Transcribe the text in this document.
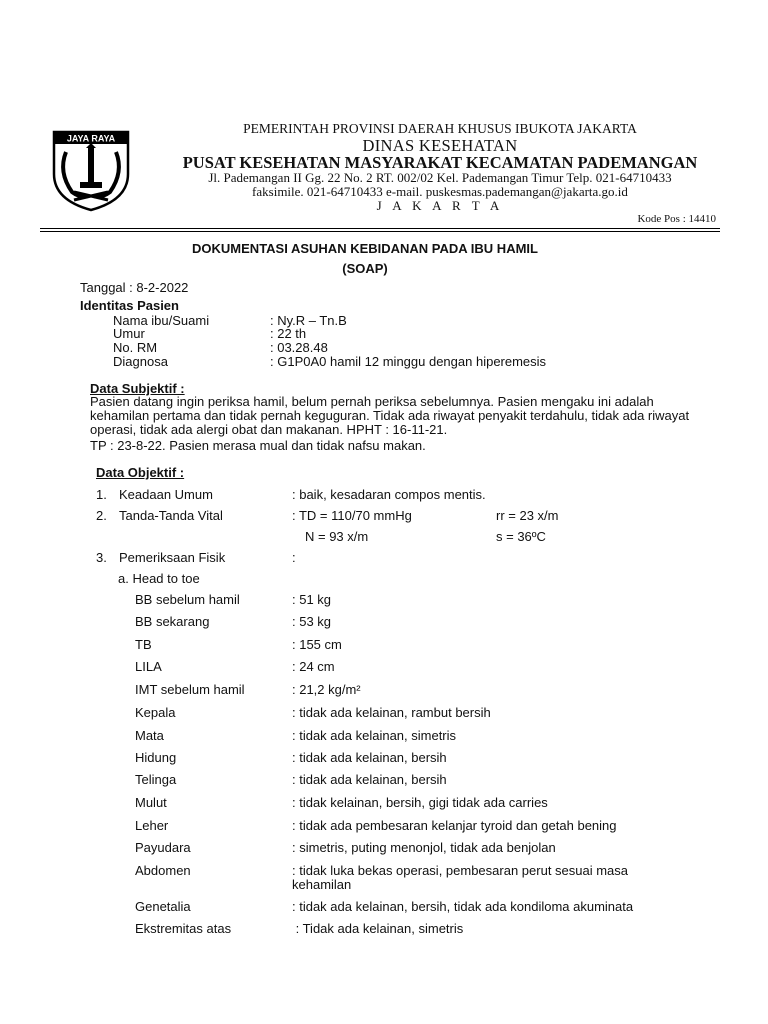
JAYA RAYA
PEMERINTAH PROVINSI DAERAH KHUSUS IBUKOTA JAKARTA
DINAS KESEHATAN
PUSAT KESEHATAN MASYARAKAT KECAMATAN PADEMANGAN
Jl. Pademangan II Gg. 22 No. 2 RT. 002/02 Kel. Pademangan Timur Telp. 021-64710433
faksimile. 021-64710433 e-mail. puskesmas.pademangan@jakarta.go.id
J A K A R T A
Kode Pos : 14410
DOKUMENTASI ASUHAN KEBIDANAN PADA IBU HAMIL
(SOAP)
Tanggal : 8-2-2022
Identitas Pasien
Nama ibu/Suami	: Ny.R – Tn.B
Umur	: 22 th
No. RM	: 03.28.48
Diagnosa	: G1P0A0 hamil 12 minggu dengan hiperemesis
Data Subjektif :
Pasien datang ingin periksa hamil, belum pernah periksa sebelumnya. Pasien mengaku ini adalah kehamilan pertama dan tidak pernah keguguran. Tidak ada riwayat penyakit terdahulu, tidak ada riwayat operasi, tidak ada alergi obat dan makanan. HPHT : 16-11-21.
TP : 23-8-22. Pasien merasa mual dan tidak nafsu makan.
Data Objektif :
1. Keadaan Umum	: baik, kesadaran compos mentis.
2. Tanda-Tanda Vital	: TD = 110/70 mmHg	rr = 23 x/m
N = 93 x/m	s = 36ºC
3. Pemeriksaan Fisik	:
a. Head to toe
BB sebelum hamil	: 51 kg
BB sekarang	: 53 kg
TB	: 155 cm
LILA	: 24 cm
IMT sebelum hamil	: 21,2 kg/m²
Kepala	: tidak ada kelainan, rambut bersih
Mata	: tidak ada kelainan, simetris
Hidung	: tidak ada kelainan, bersih
Telinga	: tidak ada kelainan, bersih
Mulut	: tidak kelainan, bersih, gigi tidak ada carries
Leher	: tidak ada pembesaran kelanjar tyroid dan getah bening
Payudara	: simetris, puting menonjol, tidak ada benjolan
Abdomen	: tidak luka bekas operasi, pembesaran perut sesuai masa
kehamilan
Genetalia	: tidak ada kelainan, bersih, tidak ada kondiloma akuminata
Ekstremitas atas	: Tidak ada kelainan, simetris
